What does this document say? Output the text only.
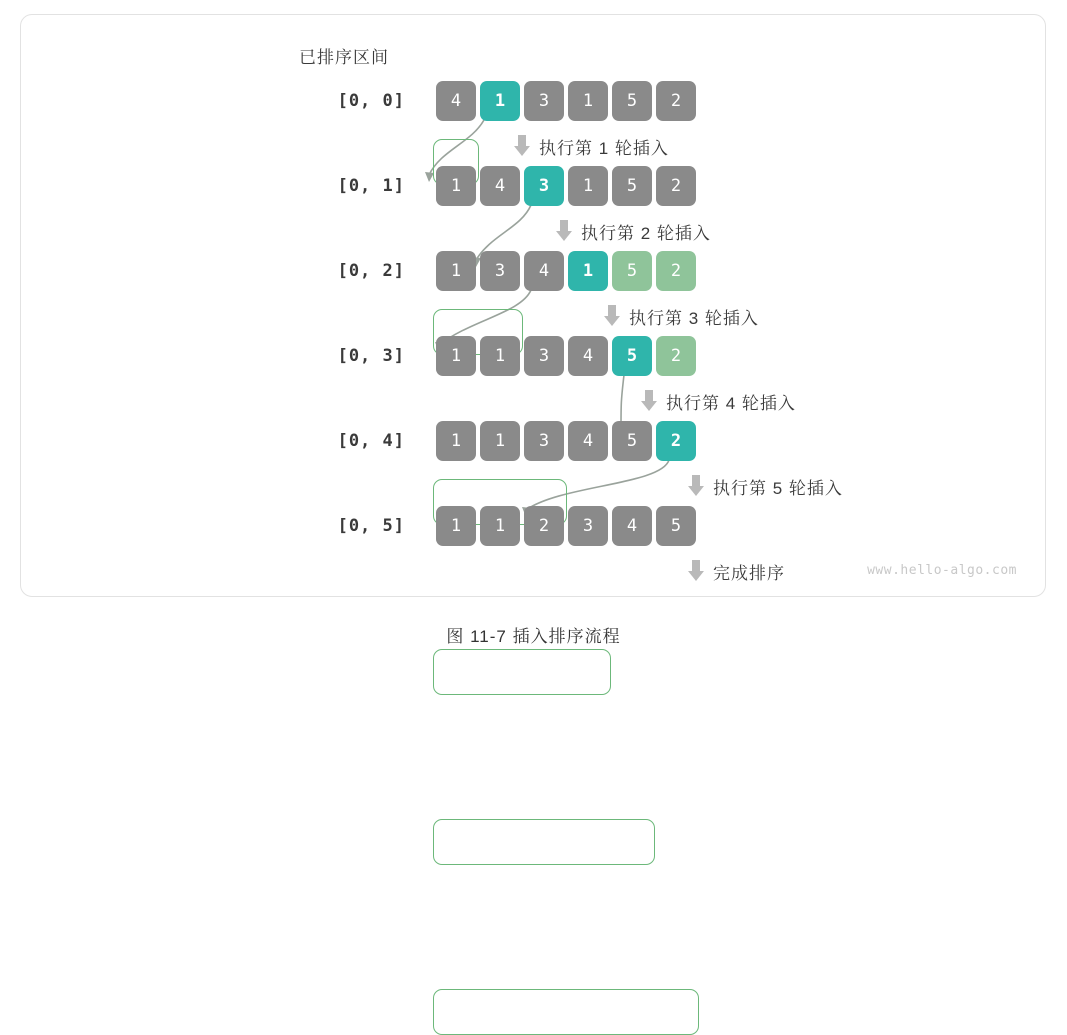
已排序区间
[0, 0]	4	1	3	1	5	2
执行第 1 轮插入
[0, 1]	1	4	3	1	5	2
执行第 2 轮插入
[0, 2]	1	3	4	1	5	2
执行第 3 轮插入
[0, 3]	1	1	3	4	5	2
执行第 4 轮插入
[0, 4]	1	1	3	4	5	2
执行第 5 轮插入
[0, 5]	1	1	2	3	4	5
完成排序	www.hello-algo.com
图 11-7 插入排序流程
